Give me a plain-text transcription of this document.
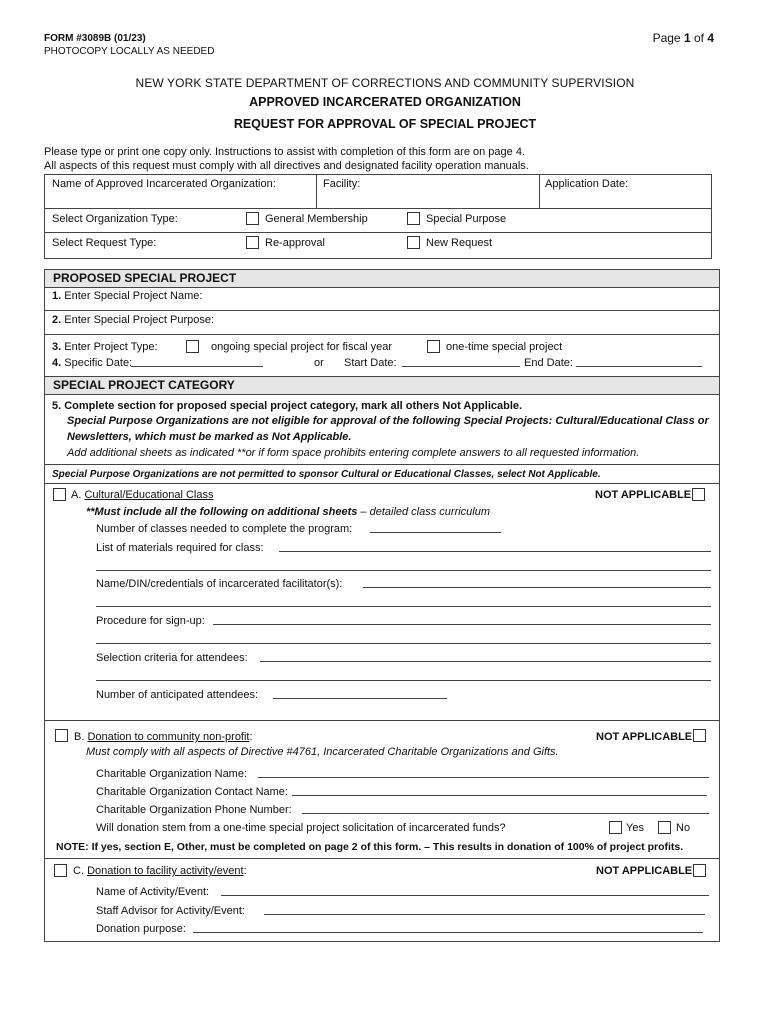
FORM #3089B (01/23)
PHOTOCOPY LOCALLY AS NEEDED
Page 1 of 4
NEW YORK STATE DEPARTMENT OF CORRECTIONS AND COMMUNITY SUPERVISION
APPROVED INCARCERATED ORGANIZATION
REQUEST FOR APPROVAL OF SPECIAL PROJECT
Please type or print one copy only. Instructions to assist with completion of this form are on page 4.
All aspects of this request must comply with all directives and designated facility operation manuals.
Name of Approved Incarcerated Organization:	Facility:	Application Date:
Select Organization Type:	General Membership	Special Purpose
Select Request Type:	Re-approval	New Request
PROPOSED SPECIAL PROJECT
1. Enter Special Project Name:
2. Enter Special Project Purpose:
3. Enter Project Type:	ongoing special project for fiscal year	one-time special project
4. Specific Date:	or Start Date:	End Date:
SPECIAL PROJECT CATEGORY
5. Complete section for proposed special project category, mark all others Not Applicable.
Special Purpose Organizations are not eligible for approval of the following Special Projects: Cultural/Educational Class or
Newsletters, which must be marked as Not Applicable.
Add additional sheets as indicated **or if form space prohibits entering complete answers to all requested information.
Special Purpose Organizations are not permitted to sponsor Cultural or Educational Classes, select Not Applicable.
A. Cultural/Educational Class	NOT APPLICABLE
**Must include all the following on additional sheets – detailed class curriculum
Number of classes needed to complete the program:
List of materials required for class:
Name/DIN/credentials of incarcerated facilitator(s):
Procedure for sign-up:
Selection criteria for attendees:
Number of anticipated attendees:
B. Donation to community non-profit:	NOT APPLICABLE
Must comply with all aspects of Directive #4761, Incarcerated Charitable Organizations and Gifts.
Charitable Organization Name:
Charitable Organization Contact Name:
Charitable Organization Phone Number:
Will donation stem from a one-time special project solicitation of incarcerated funds?	Yes	No
NOTE: If yes, section E, Other, must be completed on page 2 of this form. – This results in donation of 100% of project profits.
C. Donation to facility activity/event:	NOT APPLICABLE
Name of Activity/Event:
Staff Advisor for Activity/Event:
Donation purpose:
